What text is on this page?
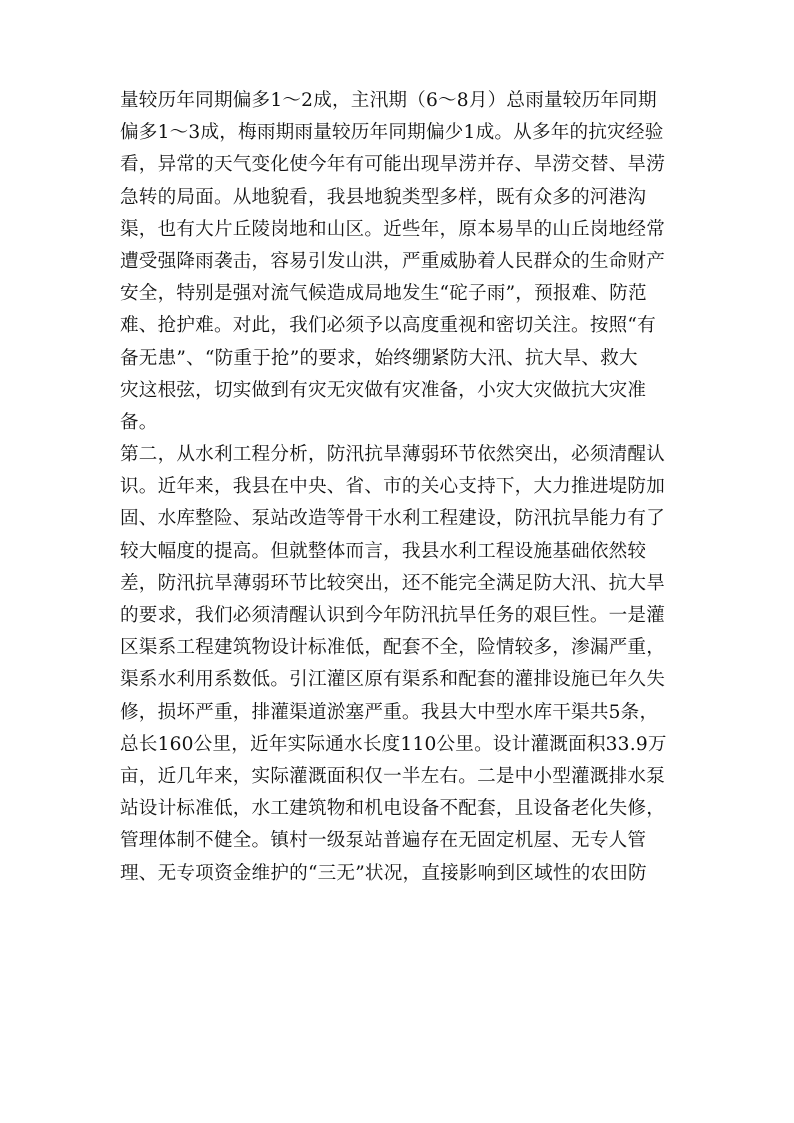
量较历年同期偏多1～2成，主汛期（6～8月）总雨量较历年同期
偏多1～3成，梅雨期雨量较历年同期偏少1成。从多年的抗灾经验
看，异常的天气变化使今年有可能出现旱涝并存、旱涝交替、旱涝
急转的局面。从地貌看，我县地貌类型多样，既有众多的河港沟
渠，也有大片丘陵岗地和山区。近些年，原本易旱的山丘岗地经常
遭受强降雨袭击，容易引发山洪，严重威胁着人民群众的生命财产
安全，特别是强对流气候造成局地发生“砣子雨”，预报难、防范
难、抢护难。对此，我们必须予以高度重视和密切关注。按照“有
备无患”、“防重于抢”的要求，始终绷紧防大汛、抗大旱、救大
灾这根弦，切实做到有灾无灾做有灾准备，小灾大灾做抗大灾准
备。
第二，从水利工程分析，防汛抗旱薄弱环节依然突出，必须清醒认
识。近年来，我县在中央、省、市的关心支持下，大力推进堤防加
固、水库整险、泵站改造等骨干水利工程建设，防汛抗旱能力有了
较大幅度的提高。但就整体而言，我县水利工程设施基础依然较
差，防汛抗旱薄弱环节比较突出，还不能完全满足防大汛、抗大旱
的要求，我们必须清醒认识到今年防汛抗旱任务的艰巨性。一是灌
区渠系工程建筑物设计标准低，配套不全，险情较多，渗漏严重，
渠系水利用系数低。引江灌区原有渠系和配套的灌排设施已年久失
修，损坏严重，排灌渠道淤塞严重。我县大中型水库干渠共5条，
总长160公里，近年实际通水长度110公里。设计灌溉面积33.9万
亩，近几年来，实际灌溉面积仅一半左右。二是中小型灌溉排水泵
站设计标准低，水工建筑物和机电设备不配套，且设备老化失修，
管理体制不健全。镇村一级泵站普遍存在无固定机屋、无专人管
理、无专项资金维护的“三无”状况，直接影响到区域性的农田防
